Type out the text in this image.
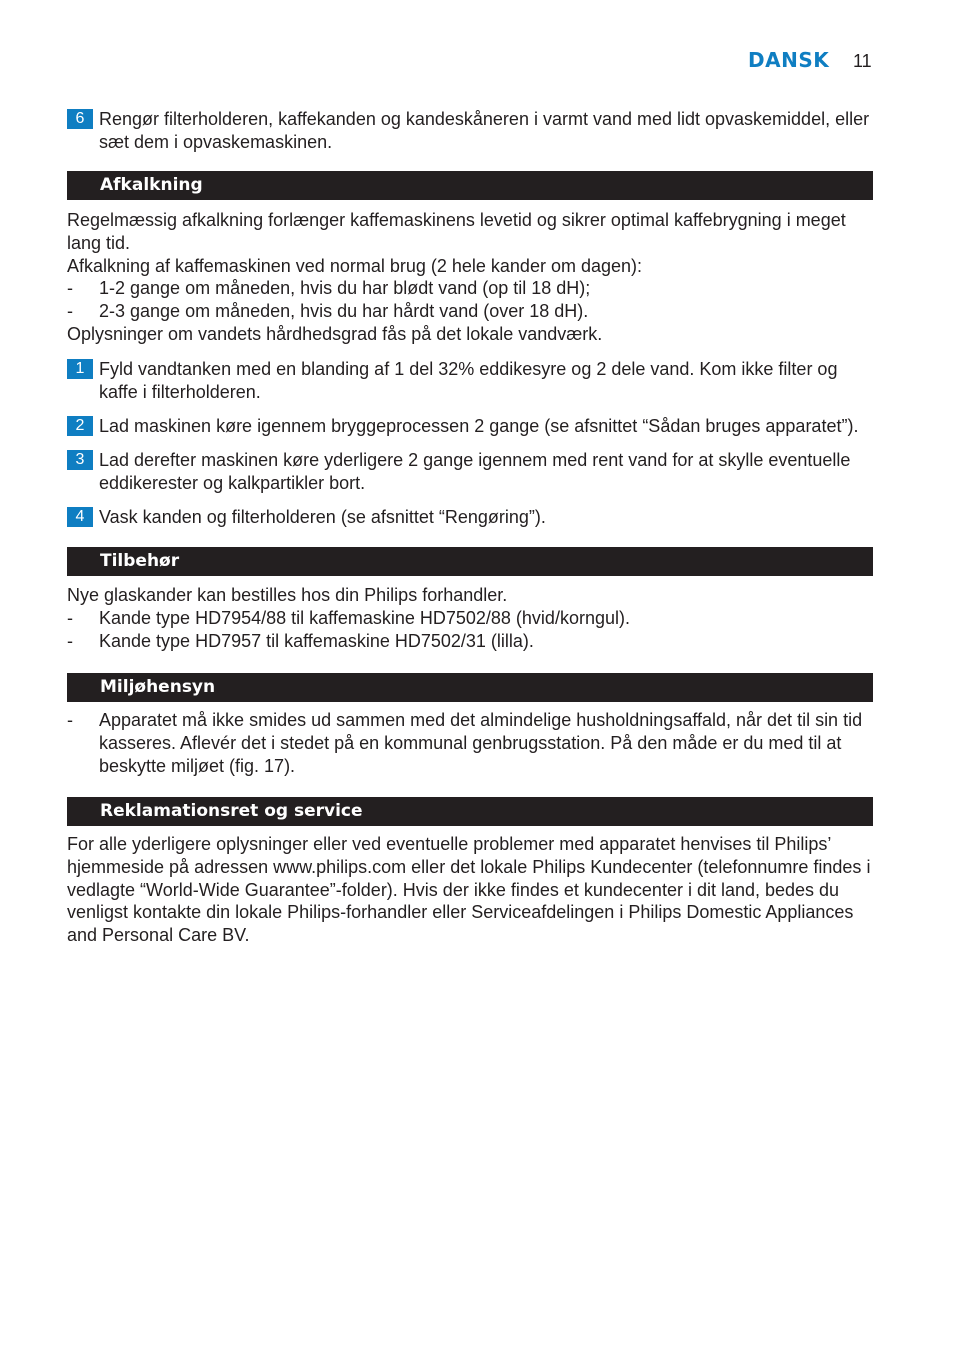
DANSK 11
6 Rengør filterholderen, kaffekanden og kandeskåneren i varmt vand med lidt opvaskemiddel, eller sæt dem i opvaskemaskinen.
Afkalkning
Regelmæssig afkalkning forlænger kaffemaskinens levetid og sikrer optimal kaffebrygning i meget lang tid.
Afkalkning af kaffemaskinen ved normal brug (2 hele kander om dagen):
- 1-2 gange om måneden, hvis du har blødt vand (op til 18 dH);
- 2-3 gange om måneden, hvis du har hårdt vand (over 18 dH).
Oplysninger om vandets hårdhedsgrad fås på det lokale vandværk.
1 Fyld vandtanken med en blanding af 1 del 32% eddikesyre og 2 dele vand. Kom ikke filter og kaffe i filterholderen.
2 Lad maskinen køre igennem bryggeprocessen 2 gange (se afsnittet “Sådan bruges apparatet”).
3 Lad derefter maskinen køre yderligere 2 gange igennem med rent vand for at skylle eventuelle eddikerester og kalkpartikler bort.
4 Vask kanden og filterholderen (se afsnittet “Rengøring”).
Tilbehør
Nye glaskander kan bestilles hos din Philips forhandler.
- Kande type HD7954/88 til kaffemaskine HD7502/88 (hvid/korngul).
- Kande type HD7957 til kaffemaskine HD7502/31 (lilla).
Miljøhensyn
- Apparatet må ikke smides ud sammen med det almindelige husholdningsaffald, når det til sin tid kasseres. Aflevér det i stedet på en kommunal genbrugsstation. På den måde er du med til at beskytte miljøet (fig. 17).
Reklamationsret og service
For alle yderligere oplysninger eller ved eventuelle problemer med apparatet henvises til Philips’ hjemmeside på adressen www.philips.com eller det lokale Philips Kundecenter (telefonnumre findes i vedlagte “World-Wide Guarantee”-folder). Hvis der ikke findes et kundecenter i dit land, bedes du venligst kontakte din lokale Philips-forhandler eller Serviceafdelingen i Philips Domestic Appliances and Personal Care BV.
